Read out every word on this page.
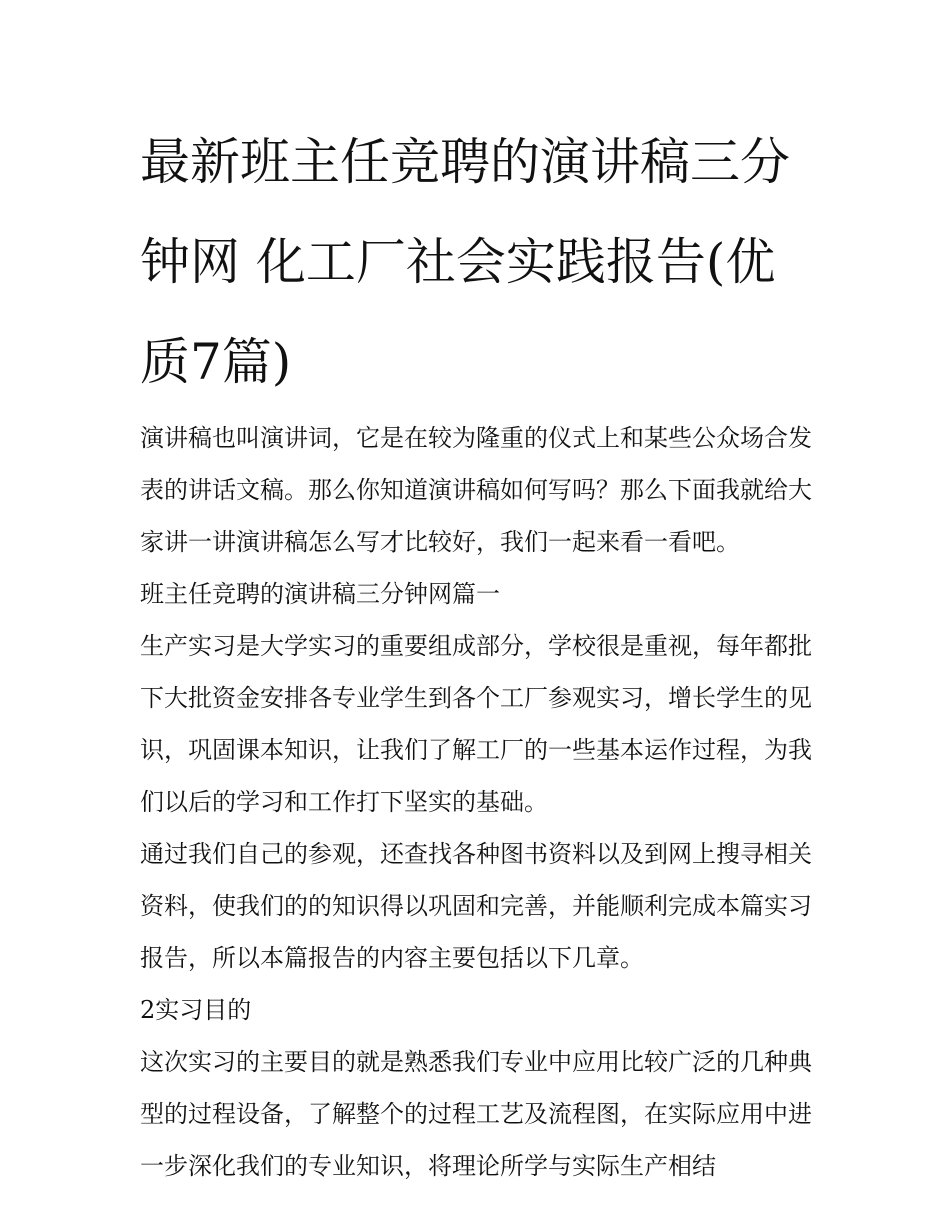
最新班主任竞聘的演讲稿三分钟网 化工厂社会实践报告(优质7篇)

演讲稿也叫演讲词，它是在较为隆重的仪式上和某些公众场合发表的讲话文稿。那么你知道演讲稿如何写吗？那么下面我就给大家讲一讲演讲稿怎么写才比较好，我们一起来看一看吧。

班主任竞聘的演讲稿三分钟网篇一

生产实习是大学实习的重要组成部分，学校很是重视，每年都批下大批资金安排各专业学生到各个工厂参观实习，增长学生的见识，巩固课本知识，让我们了解工厂的一些基本运作过程，为我们以后的学习和工作打下坚实的基础。

通过我们自己的参观，还查找各种图书资料以及到网上搜寻相关资料，使我们的的知识得以巩固和完善，并能顺利完成本篇实习报告，所以本篇报告的内容主要包括以下几章。

2实习目的

这次实习的主要目的就是熟悉我们专业中应用比较广泛的几种典型的过程设备，了解整个的过程工艺及流程图，在实际应用中进一步深化我们的专业知识，将理论所学与实际生产相结
